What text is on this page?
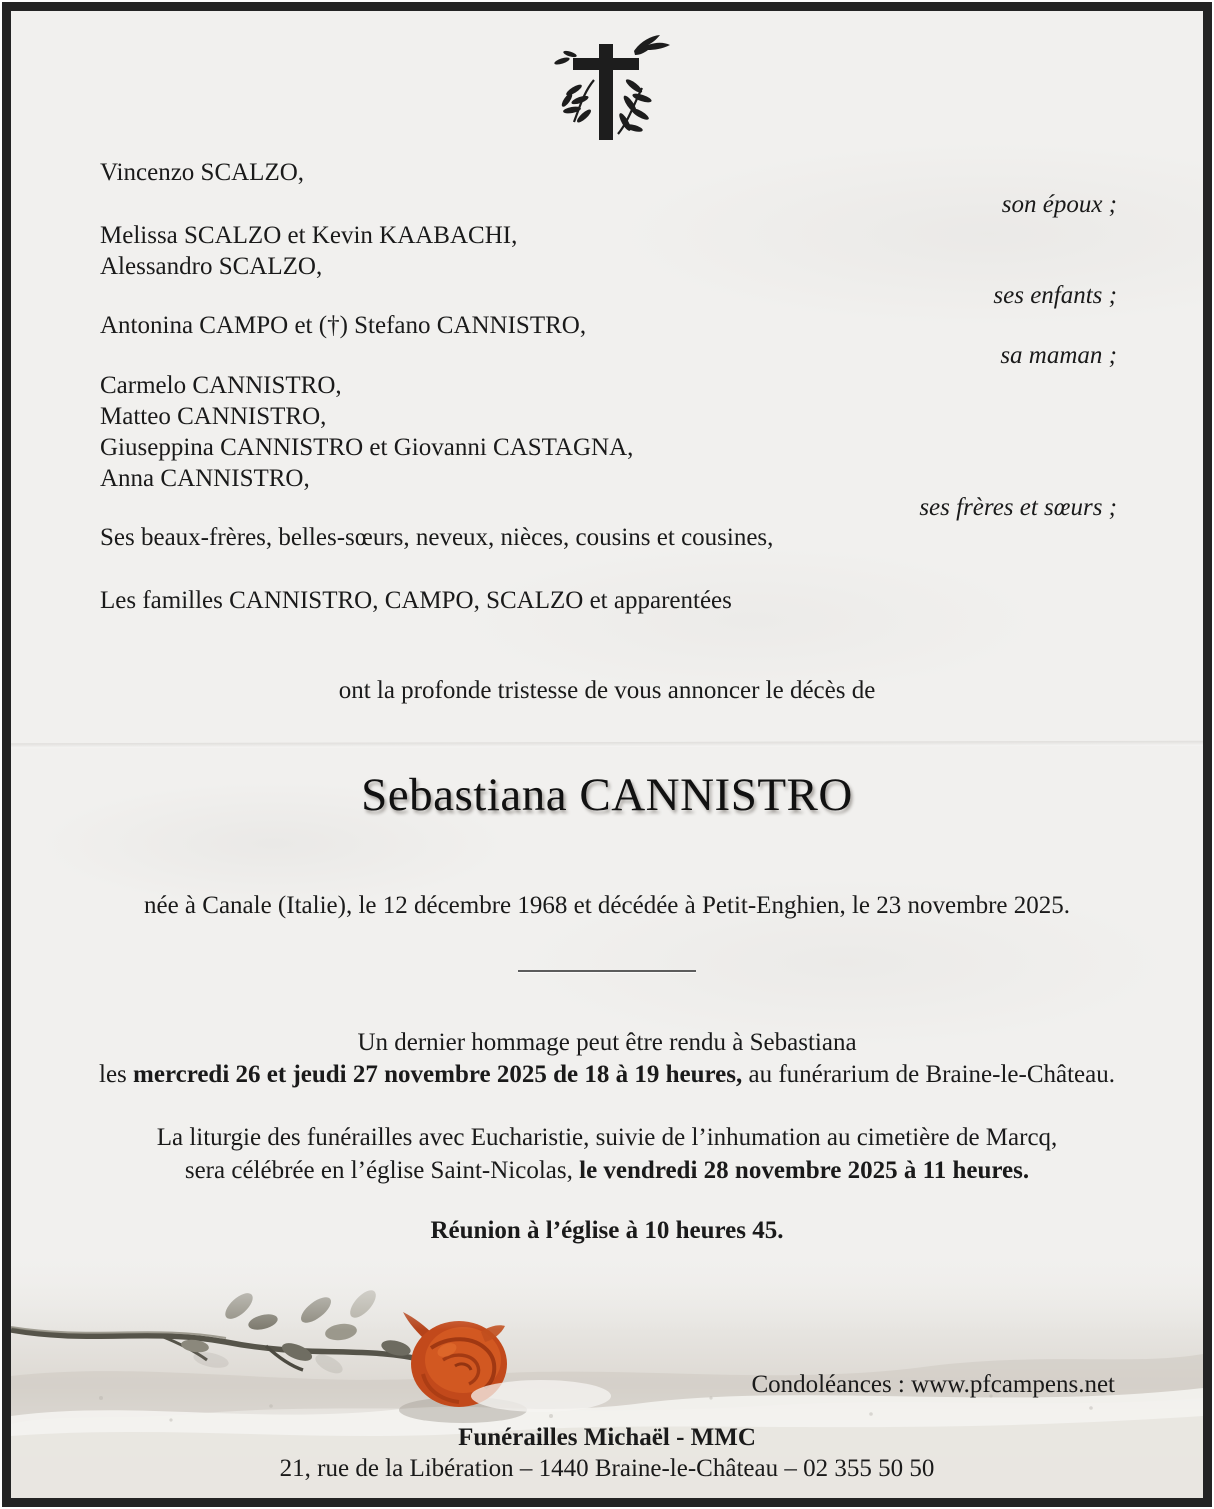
Vincenzo SCALZO,
son époux ;
Melissa SCALZO et Kevin KAABACHI,
Alessandro SCALZO,
ses enfants ;
Antonina CAMPO et (†) Stefano CANNISTRO,
sa maman ;
Carmelo CANNISTRO,
Matteo CANNISTRO,
Giuseppina CANNISTRO et Giovanni CASTAGNA,
Anna CANNISTRO,
ses frères et sœurs ;
Ses beaux-frères, belles-sœurs, neveux, nièces, cousins et cousines,
Les familles CANNISTRO, CAMPO, SCALZO et apparentées
ont la profonde tristesse de vous annoncer le décès de
Sebastiana CANNISTRO
née à Canale (Italie), le 12 décembre 1968 et décédée à Petit-Enghien, le 23 novembre 2025.
Un dernier hommage peut être rendu à Sebastiana
les mercredi 26 et jeudi 27 novembre 2025 de 18 à 19 heures, au funérarium de Braine-le-Château.
La liturgie des funérailles avec Eucharistie, suivie de l’inhumation au cimetière de Marcq,
sera célébrée en l’église Saint-Nicolas, le vendredi 28 novembre 2025 à 11 heures.
Réunion à l’église à 10 heures 45.
Condoléances : www.pfcampens.net
Funérailles Michaël - MMC
21, rue de la Libération – 1440 Braine-le-Château – 02 355 50 50
